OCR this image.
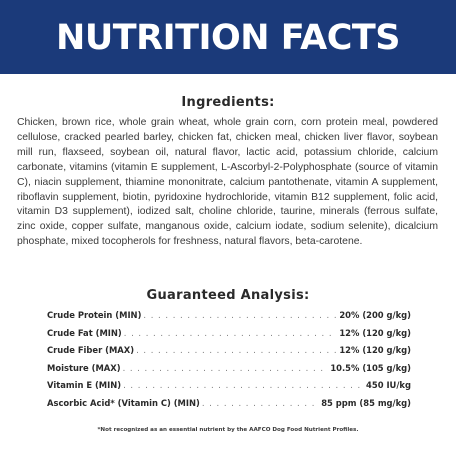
NUTRITION FACTS
Ingredients:

Chicken, brown rice, whole grain wheat, whole grain corn, corn protein meal, powdered cellulose, cracked pearled barley, chicken fat, chicken meal, chicken liver flavor, soybean mill run, flaxseed, soybean oil, natural flavor, lactic acid, potassium chloride, calcium carbonate, vitamins (vitamin E supplement, L-Ascorbyl-2-Polyphosphate (source of vitamin C), niacin supplement, thiamine mononitrate, calcium pantothenate, vitamin A supplement, riboflavin supplement, biotin, pyridoxine hydrochloride, vitamin B12 supplement, folic acid, vitamin D3 supplement), iodized salt, choline chloride, taurine, minerals (ferrous sulfate, zinc oxide, copper sulfate, manganous oxide, calcium iodate, sodium selenite), dicalcium phosphate, mixed tocopherols for freshness, natural flavors, beta-carotene.

Guaranteed Analysis:
Crude Protein (MIN) . . .	20% (200 g/kg)
Crude Fat (MIN) . . .	12% (120 g/kg)
Crude Fiber (MAX) . . .	12% (120 g/kg)
Moisture (MAX) . . .	10.5% (105 g/kg)
Vitamin E (MIN) . . .	450 IU/kg
Ascorbic Acid* (Vitamin C) (MIN) . . .	85 ppm (85 mg/kg)
*Not recognized as an essential nutrient by the AAFCO Dog Food Nutrient Profiles.
